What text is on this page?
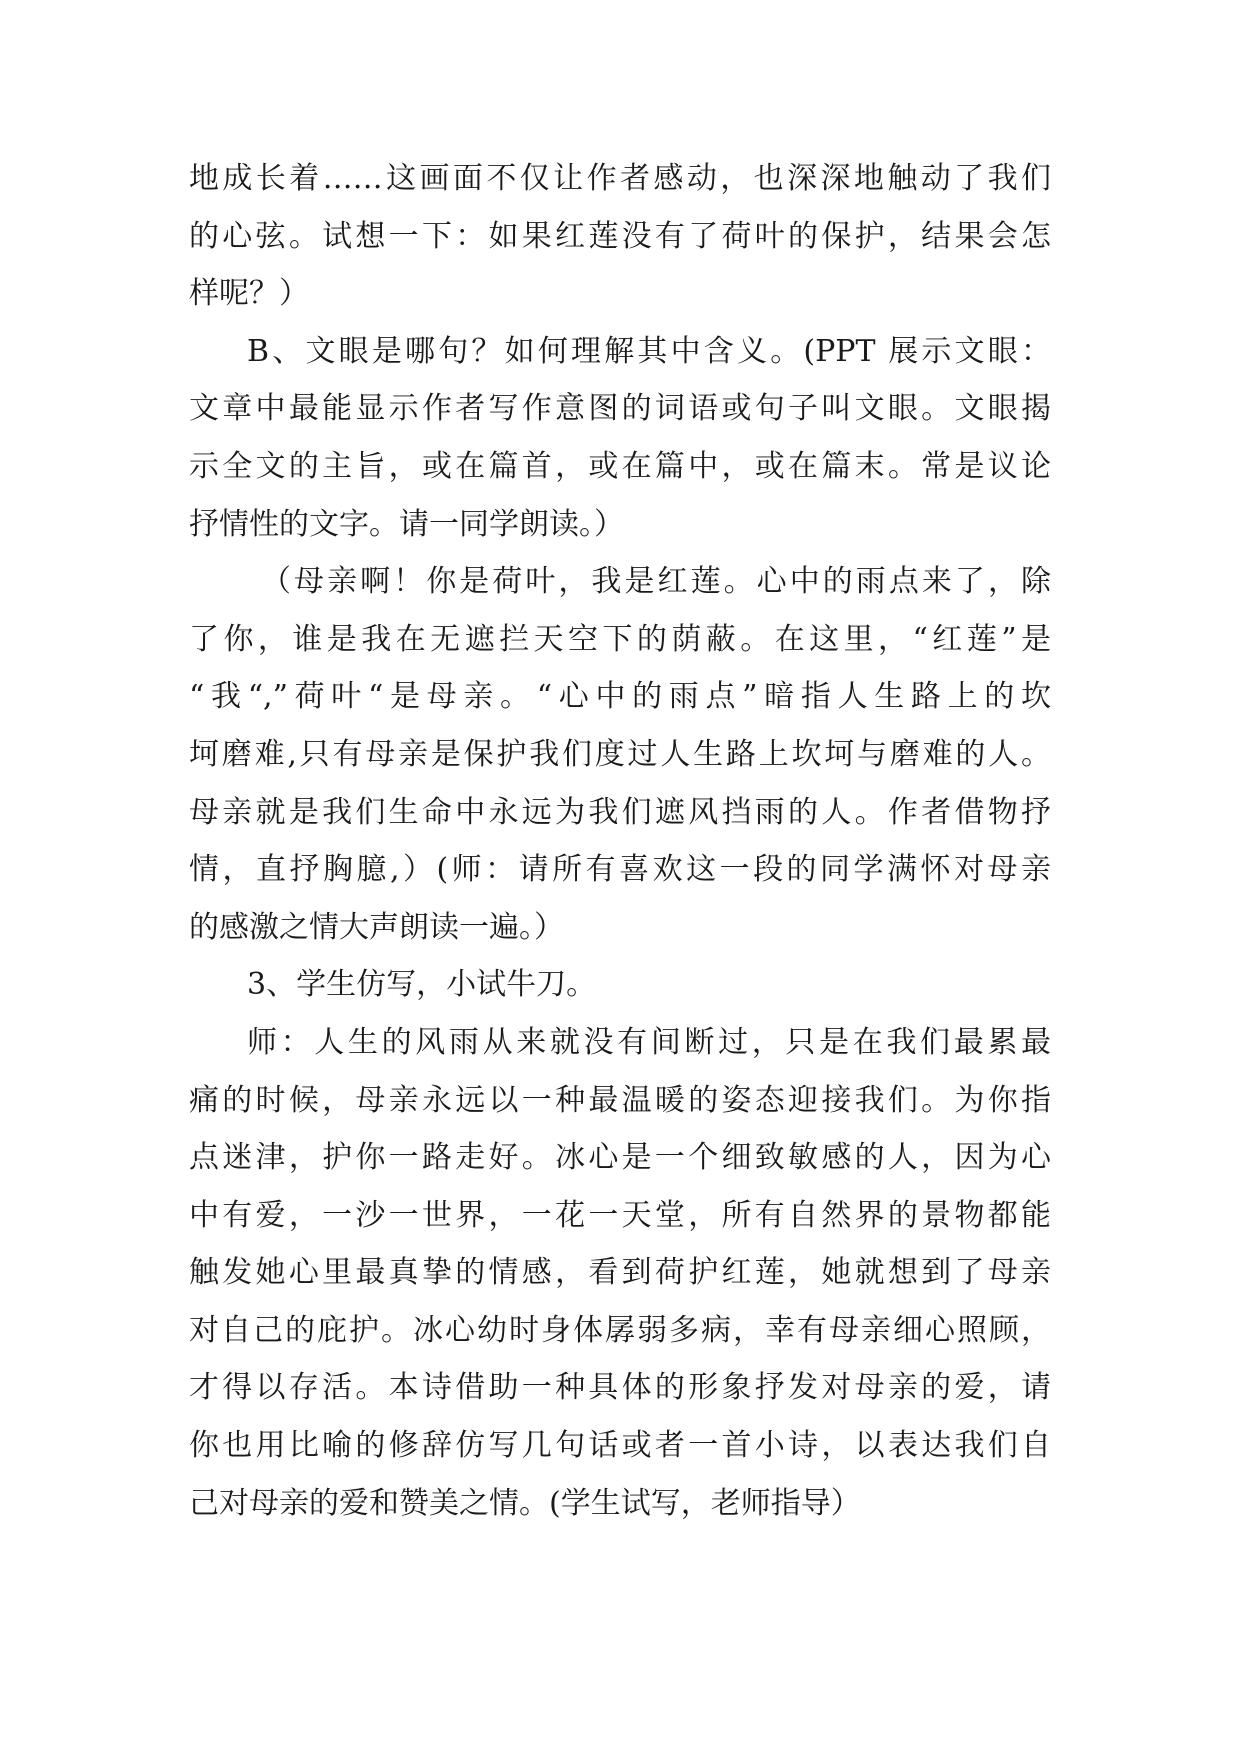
地成长着……这画面不仅让作者感动，也深深地触动了我们
的心弦。试想一下：如果红莲没有了荷叶的保护，结果会怎
样呢？）
B、文眼是哪句？如何理解其中含义。(PPT 展示文眼：
文章中最能显示作者写作意图的词语或句子叫文眼。文眼揭
示全文的主旨，或在篇首，或在篇中，或在篇末。常是议论
抒情性的文字。请一同学朗读。）
（母亲啊！你是荷叶，我是红莲。心中的雨点来了，除
了你，谁是我在无遮拦天空下的荫蔽。在这里，“红莲”是
“我“,”荷叶“是母亲。“心中的雨点”暗指人生路上的坎
坷磨难,只有母亲是保护我们度过人生路上坎坷与磨难的人。
母亲就是我们生命中永远为我们遮风挡雨的人。作者借物抒
情，直抒胸臆,）(师：请所有喜欢这一段的同学满怀对母亲
的感激之情大声朗读一遍。）
3、学生仿写，小试牛刀。
师：人生的风雨从来就没有间断过，只是在我们最累最
痛的时候，母亲永远以一种最温暖的姿态迎接我们。为你指
点迷津，护你一路走好。冰心是一个细致敏感的人，因为心
中有爱，一沙一世界，一花一天堂，所有自然界的景物都能
触发她心里最真挚的情感，看到荷护红莲，她就想到了母亲
对自己的庇护。冰心幼时身体孱弱多病，幸有母亲细心照顾，
才得以存活。本诗借助一种具体的形象抒发对母亲的爱，请
你也用比喻的修辞仿写几句话或者一首小诗，以表达我们自
己对母亲的爱和赞美之情。(学生试写，老师指导）
